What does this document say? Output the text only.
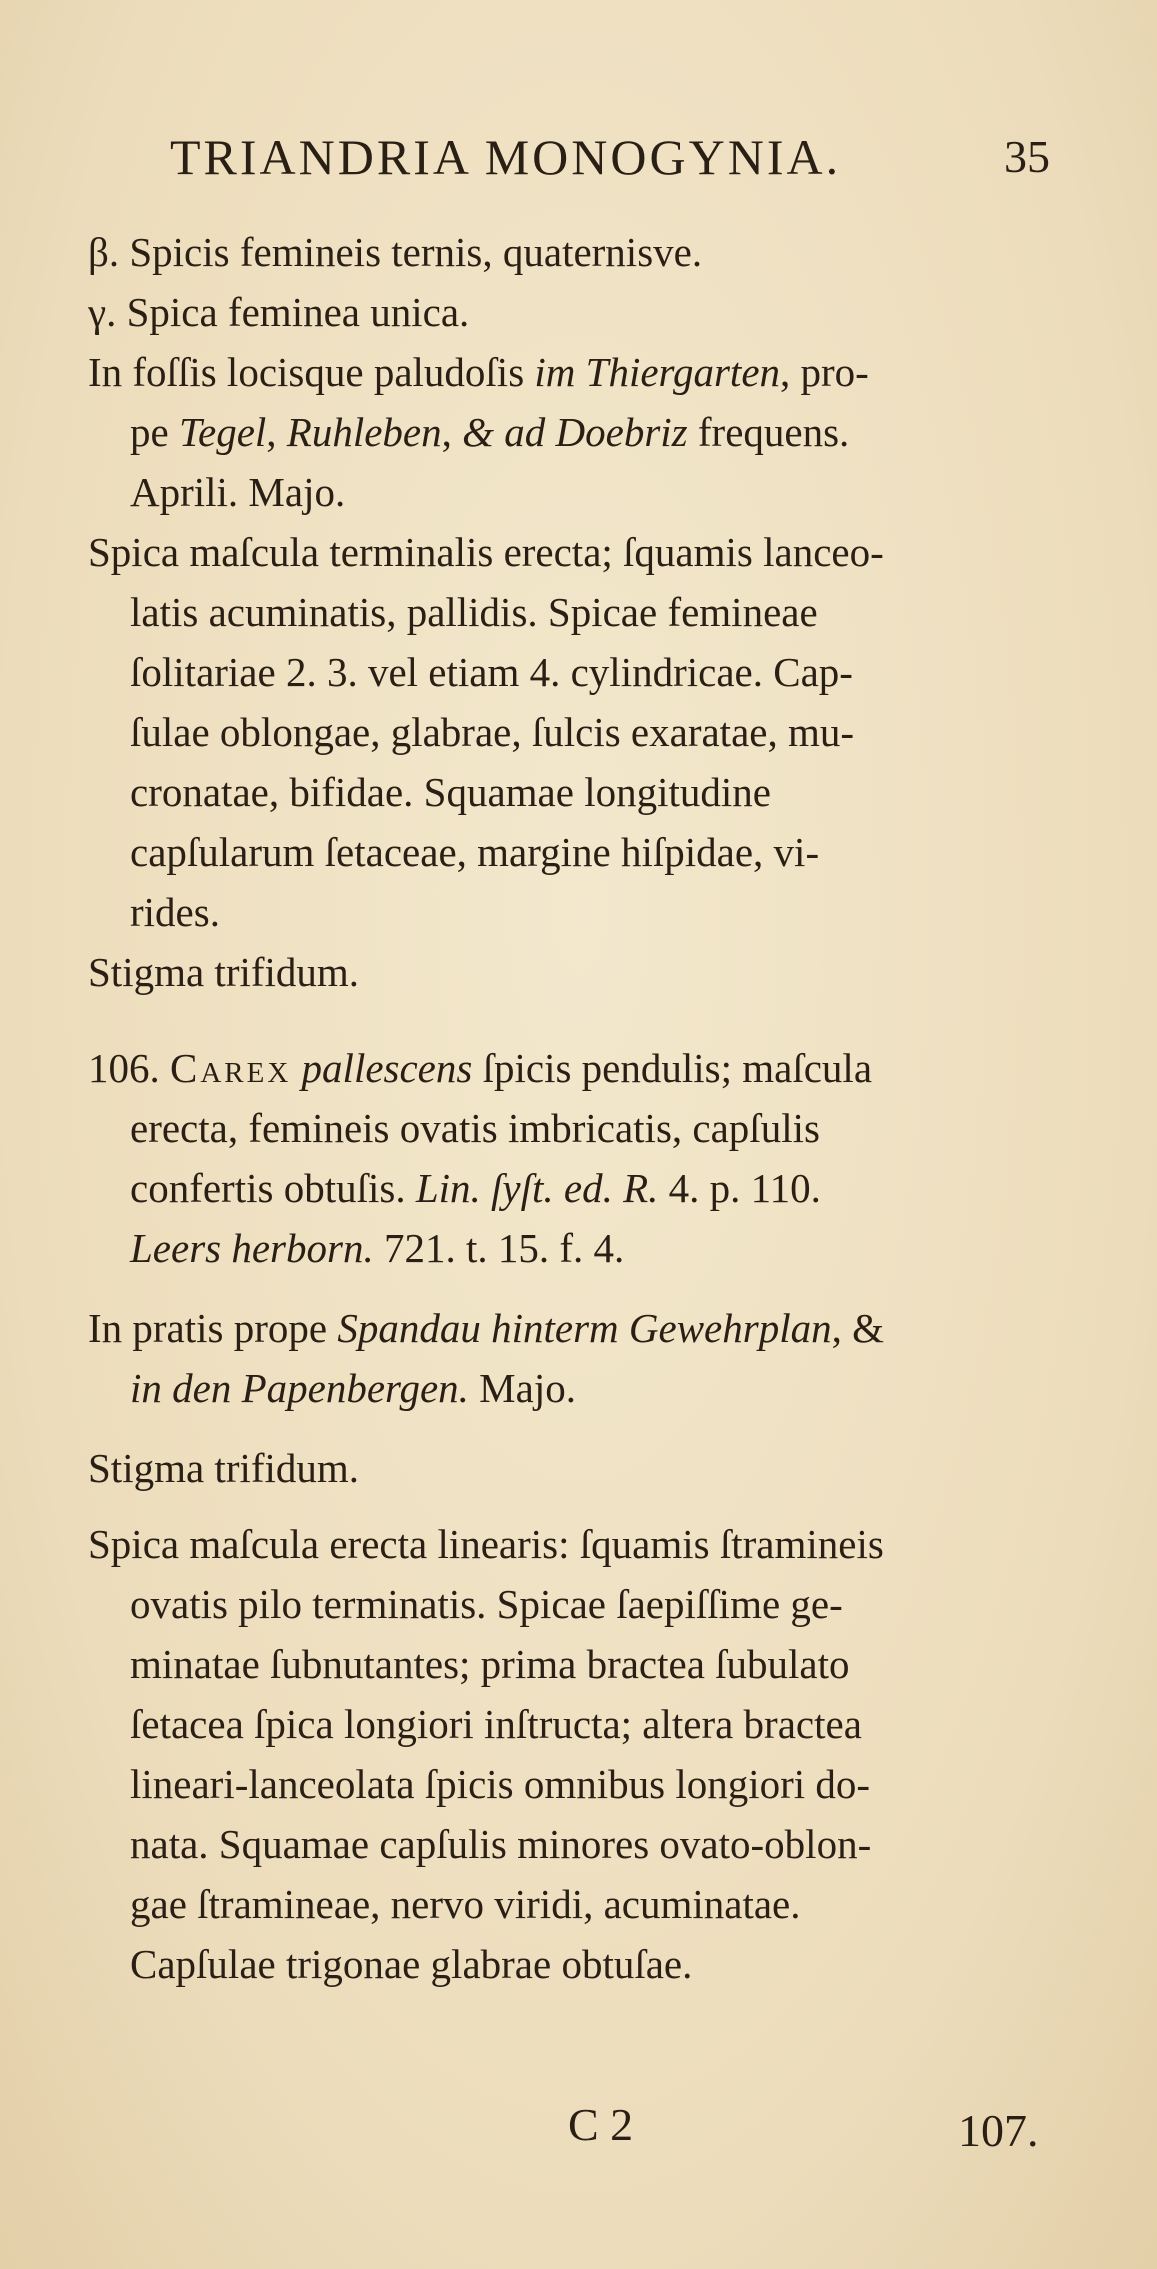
TRIANDRIA MONOGYNIA.	35
β. Spicis femineis ternis, quaternisve.
γ. Spica feminea unica.
In foſſis locisque paludoſis im Thiergarten, pro-
pe Tegel, Ruhleben, & ad Doebriz frequens.
Aprili. Majo.
Spica maſcula terminalis erecta; ſquamis lanceo-
latis acuminatis, pallidis. Spicae femineae
ſolitariae 2. 3. vel etiam 4. cylindricae. Cap-
ſulae oblongae, glabrae, ſulcis exaratae, mu-
cronatae, bifidae. Squamae longitudine
capſularum ſetaceae, margine hiſpidae, vi-
rides.
Stigma trifidum.
106. Carex pallescens ſpicis pendulis; maſcula
erecta, femineis ovatis imbricatis, capſulis
confertis obtuſis. Lin. ſyſt. ed. R. 4. p. 110.
Leers herborn. 721. t. 15. f. 4.
In pratis prope Spandau hinterm Gewehrplan, &
in den Papenbergen. Majo.
Stigma trifidum.
Spica maſcula erecta linearis: ſquamis ſtramineis
ovatis pilo terminatis. Spicae ſaepiſſime ge-
minatae ſubnutantes; prima bractea ſubulato
ſetacea ſpica longiori inſtructa; altera bractea
lineari-lanceolata ſpicis omnibus longiori do-
nata. Squamae capſulis minores ovato-oblon-
gae ſtramineae, nervo viridi, acuminatae.
Capſulae trigonae glabrae obtuſae.
C 2	107.
